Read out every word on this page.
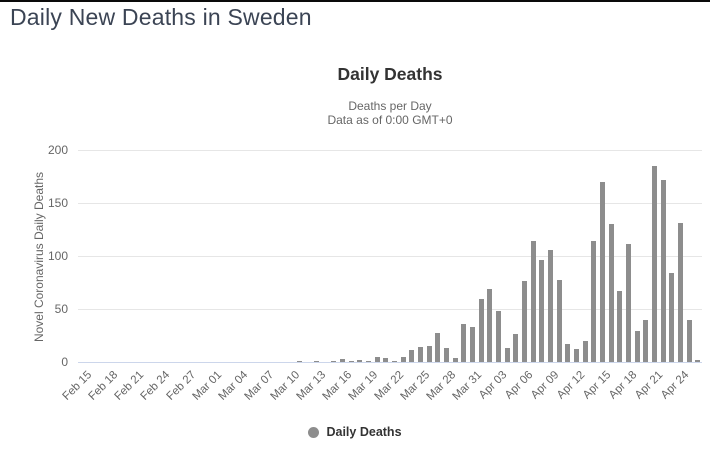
Daily New Deaths in Sweden
Daily Deaths
Deaths per Day
Data as of 0:00 GMT+0
Novel Coronavirus Daily Deaths
0
50
100
150
200
Feb 15
Feb 18
Feb 21
Feb 24
Feb 27
Mar 01
Mar 04
Mar 07
Mar 10
Mar 13
Mar 16
Mar 19
Mar 22
Mar 25
Mar 28
Mar 31
Apr 03
Apr 06
Apr 09
Apr 12
Apr 15
Apr 18
Apr 21
Apr 24
Daily Deaths
